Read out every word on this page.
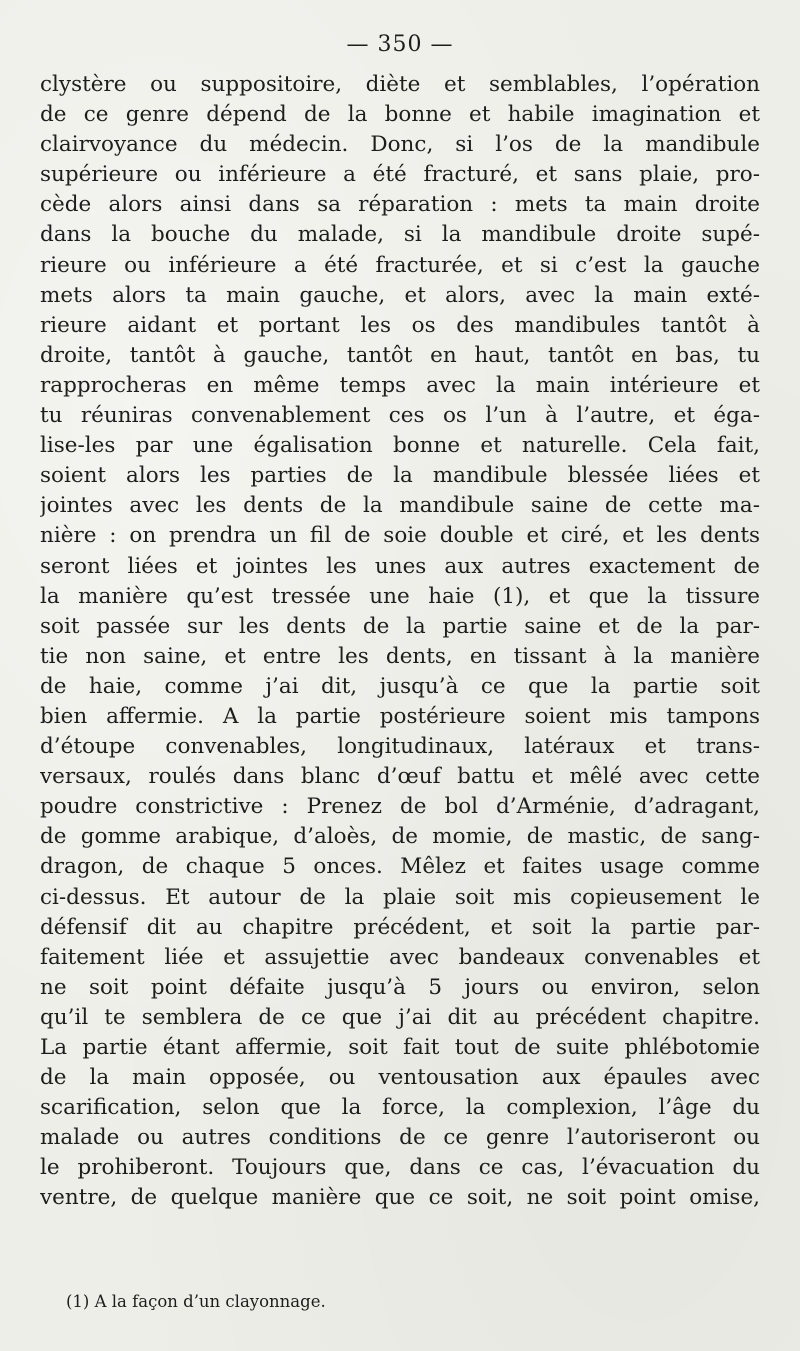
— 350 —
clystère ou suppositoire, diète et semblables, l’opération
de ce genre dépend de la bonne et habile imagination et
clairvoyance du médecin. Donc, si l’os de la mandibule
supérieure ou inférieure a été fracturé, et sans plaie, pro-
cède alors ainsi dans sa réparation : mets ta main droite
dans la bouche du malade, si la mandibule droite supé-
rieure ou inférieure a été fracturée, et si c’est la gauche
mets alors ta main gauche, et alors, avec la main exté-
rieure aidant et portant les os des mandibules tantôt à
droite, tantôt à gauche, tantôt en haut, tantôt en bas, tu
rapprocheras en même temps avec la main intérieure et
tu réuniras convenablement ces os l’un à l’autre, et éga-
lise-les par une égalisation bonne et naturelle. Cela fait,
soient alors les parties de la mandibule blessée liées et
jointes avec les dents de la mandibule saine de cette ma-
nière : on prendra un fil de soie double et ciré, et les dents
seront liées et jointes les unes aux autres exactement de
la manière qu’est tressée une haie (1), et que la tissure
soit passée sur les dents de la partie saine et de la par-
tie non saine, et entre les dents, en tissant à la manière
de haie, comme j’ai dit, jusqu’à ce que la partie soit
bien affermie. A la partie postérieure soient mis tampons
d’étoupe convenables, longitudinaux, latéraux et trans-
versaux, roulés dans blanc d’œuf battu et mêlé avec cette
poudre constrictive : Prenez de bol d’Arménie, d’adragant,
de gomme arabique, d’aloès, de momie, de mastic, de sang-
dragon, de chaque 5 onces. Mêlez et faites usage comme
ci-dessus. Et autour de la plaie soit mis copieusement le
défensif dit au chapitre précédent, et soit la partie par-
faitement liée et assujettie avec bandeaux convenables et
ne soit point défaite jusqu’à 5 jours ou environ, selon
qu’il te semblera de ce que j’ai dit au précédent chapitre.
La partie étant affermie, soit fait tout de suite phlébotomie
de la main opposée, ou ventousation aux épaules avec
scarification, selon que la force, la complexion, l’âge du
malade ou autres conditions de ce genre l’autoriseront ou
le prohiberont. Toujours que, dans ce cas, l’évacuation du
ventre, de quelque manière que ce soit, ne soit point omise,
(1) A la façon d’un clayonnage.
